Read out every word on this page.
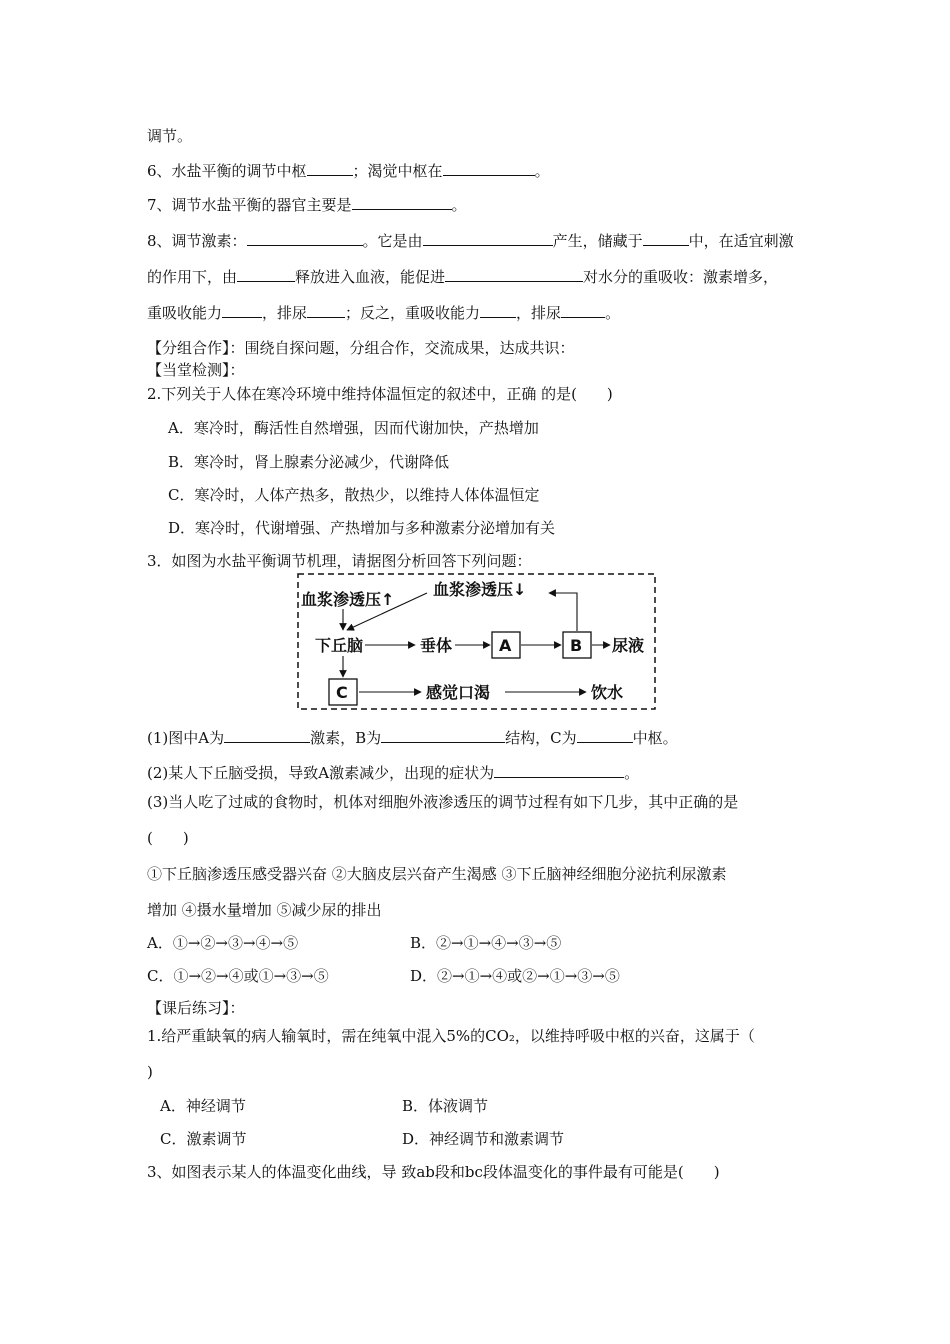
调节。
6、水盐平衡的调节中枢	；渴觉中枢在	。
7、调节水盐平衡的器官主要是	。
8、调节激素：	。它是由	产生，储藏于	中，在适宜刺激
的作用下，由	释放进入血液，能促进	对水分的重吸收：激素增多，
重吸收能力	，排尿	；反之，重吸收能力 ，排尿	。
【分组合作】：围绕自探问题，分组合作，交流成果，达成共识：
【当堂检测】：
2.下列关于人体在寒冷环境中维持体温恒定的叙述中，正确 的是(　　)
A．寒冷时，酶活性自然增强，因而代谢加快，产热增加
B．寒冷时，肾上腺素分泌减少，代谢降低
C．寒冷时，人体产热多，散热少，以维持人体体温恒定
D．寒冷时，代谢增强、产热增加与多种激素分泌增加有关
3．如图为水盐平衡调节机理，请据图分析回答下列问题：
血浆渗透压↓
血浆渗透压↑
下丘脑	垂体	A	B 尿液
C	感觉口渴	饮水
(1)图中A为	激素，B为	结构，C为	中枢。
(2)某人下丘脑受损，导致A激素减少，出现的症状为	。
(3)当人吃了过咸的食物时，机体对细胞外液渗透压的调节过程有如下几步，其中正确的是
(　　)
①下丘脑渗透压感受器兴奋 ②大脑皮层兴奋产生渴感 ③下丘脑神经细胞分泌抗利尿激素
增加 ④摄水量增加 ⑤减少尿的排出
A．①→②→③→④→⑤	B．②→①→④→③→⑤
C．①→②→④或①→③→⑤	D．②→①→④或②→①→③→⑤
【课后练习】：
1.给严重缺氧的病人输氧时，需在纯氧中混入5%的CO₂，以维持呼吸中枢的兴奋，这属于（
)
A．神经调节	B．体液调节
C．激素调节	D．神经调节和激素调节
3、如图表示某人的体温变化曲线，导 致ab段和bc段体温变化的事件最有可能是(　　)
